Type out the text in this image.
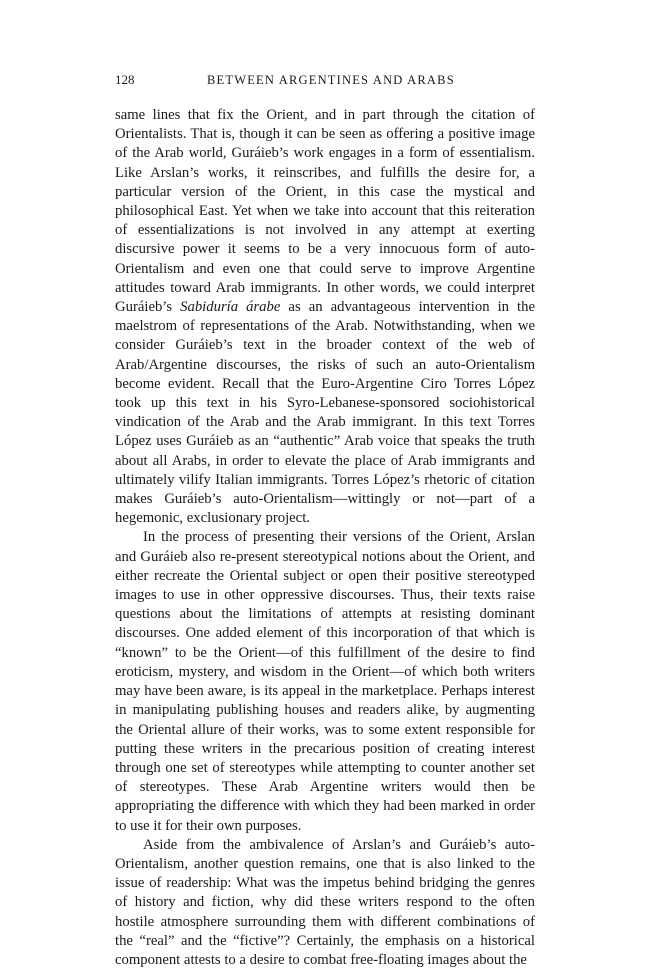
128	BETWEEN ARGENTINES AND ARABS

same lines that fix the Orient, and in part through the citation of Orientalists. That is, though it can be seen as offering a positive image of the Arab world, Guráieb’s work engages in a form of essentialism. Like Arslan’s works, it reinscribes, and fulfills the desire for, a particular version of the Orient, in this case the mystical and philosophical East. Yet when we take into account that this reiteration of essentializations is not involved in any attempt at exerting discursive power it seems to be a very innocuous form of auto-Orientalism and even one that could serve to improve Argentine attitudes toward Arab immigrants. In other words, we could interpret Guráieb’s Sabiduría árabe as an advantageous intervention in the maelstrom of representations of the Arab. Notwithstanding, when we consider Guráieb’s text in the broader context of the web of Arab/Argentine discourses, the risks of such an auto-Orientalism become evident. Recall that the Euro-Argentine Ciro Torres López took up this text in his Syro-Lebanese-sponsored sociohistorical vindication of the Arab and the Arab immigrant. In this text Torres López uses Guráieb as an “authentic” Arab voice that speaks the truth about all Arabs, in order to elevate the place of Arab immigrants and ultimately vilify Italian immigrants. Torres López’s rhetoric of citation makes Guráieb’s auto-Orientalism—wittingly or not—part of a hegemonic, exclusionary project.

In the process of presenting their versions of the Orient, Arslan and Guráieb also re-present stereotypical notions about the Orient, and either recreate the Oriental subject or open their positive stereotyped images to use in other oppressive discourses. Thus, their texts raise questions about the limitations of attempts at resisting dominant discourses. One added element of this incorporation of that which is “known” to be the Orient—of this fulfillment of the desire to find eroticism, mystery, and wisdom in the Orient—of which both writers may have been aware, is its appeal in the marketplace. Perhaps interest in manipulating publishing houses and readers alike, by augmenting the Oriental allure of their works, was to some extent responsible for putting these writers in the precarious position of creating interest through one set of stereotypes while attempting to counter another set of stereotypes. These Arab Argentine writers would then be appropriating the difference with which they had been marked in order to use it for their own purposes.

Aside from the ambivalence of Arslan’s and Guráieb’s auto-Orientalism, another question remains, one that is also linked to the issue of readership: What was the impetus behind bridging the genres of history and fiction, why did these writers respond to the often hostile atmosphere surrounding them with different combinations of the “real” and the “fictive”? Certainly, the emphasis on a historical component attests to a desire to combat free-floating images about the
